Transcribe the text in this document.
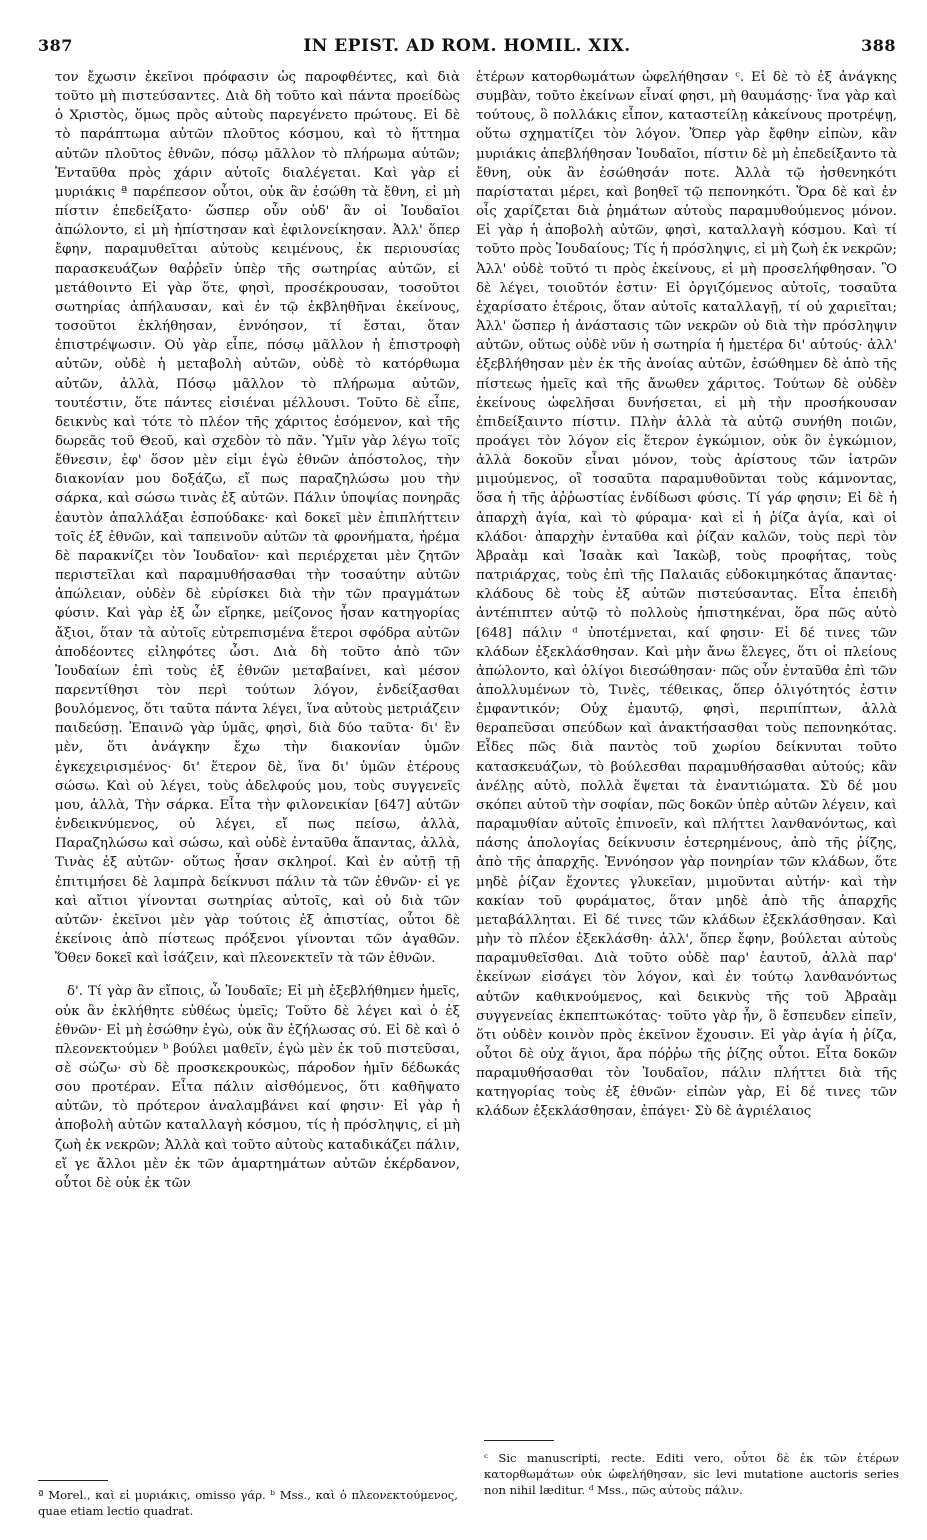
387	IN EPIST. AD ROM. HOMIL. XIX.	388

τον ἔχωσιν ἐκεῖνοι πρόφασιν ὡς παροφθέντες, καὶ διὰ τοῦτο μὴ πιστεύσαντες. Διὰ δὴ τοῦτο καὶ πάντα προείδὼς ὁ Χριστὸς, ὅμως πρὸς αὐτοὺς παρεγένετο πρώτους. Εἰ δὲ τὸ παράπτωμα αὐτῶν πλοῦτος κόσμου, καὶ τὸ ἥττημα αὐτῶν πλοῦτος ἐθνῶν, πόσῳ μᾶλλον τὸ πλήρωμα αὐτῶν; Ἐνταῦθα πρὸς χάριν αὐτοῖς διαλέγεται. Καὶ γὰρ εἰ μυριάκις ª παρέπεσον οὗτοι, οὐκ ἂν ἐσώθη τὰ ἔθνη, εἰ μὴ πίστιν ἐπεδείξατο· ὥσπερ οὖν οὐδ' ἂν οἱ Ἰουδαῖοι ἀπώλοντο, εἰ μὴ ἠπίστησαν καὶ ἐφιλονείκησαν. Ἀλλ' ὅπερ ἔφην, παραμυθεῖται αὐτοὺς κειμένους, ἐκ περιουσίας παρασκευάζων θαῤῥεῖν ὑπὲρ τῆς σωτηρίας αὐτῶν, εἰ μετάθοιντο Εἰ γὰρ ὅτε, φησὶ, προσέκρουσαν, τοσοῦτοι σωτηρίας ἀπήλαυσαν, καὶ ἐν τῷ ἐκβληθῆναι ἐκείνους, τοσοῦτοι ἐκλήθησαν, ἐννόησον, τί ἔσται, ὅταν ἐπιστρέψωσιν. Οὐ γὰρ εἶπε, πόσῳ μᾶλλον ἡ ἐπιστροφὴ αὐτῶν, οὐδὲ ἡ μεταβολὴ αὐτῶν, οὐδὲ τὸ κατόρθωμα αὐτῶν, ἀλλὰ, Πόσῳ μᾶλλον τὸ πλήρωμα αὐτῶν, τουτέστιν, ὅτε πάντες εἰσιέναι μέλλουσι. Τοῦτο δὲ εἶπε, δεικνὺς καὶ τότε τὸ πλέον τῆς χάριτος ἐσόμενον, καὶ τῆς δωρεᾶς τοῦ Θεοῦ, καὶ σχεδὸν τὸ πᾶν. Ὑμῖν γὰρ λέγω τοῖς ἔθνεσιν, ἐφ' ὅσον μὲν εἰμι ἐγὼ ἐθνῶν ἀπόστολος, τὴν διακονίαν μου δοξάζω, εἴ πως παραζηλώσω μου τὴν σάρκα, καὶ σώσω τινὰς ἐξ αὐτῶν. Πάλιν ὑποψίας πονηρᾶς ἑαυτὸν ἀπαλλάξαι ἐσπούδακε· καὶ δοκεῖ μὲν ἐπιπλήττειν τοῖς ἐξ ἐθνῶν, καὶ ταπεινοῦν αὐτῶν τὰ φρονήματα, ἠρέμα δὲ παρακνίζει τὸν Ἰουδαῖον· καὶ περιέρχεται μὲν ζητῶν περιστεῖλαι καὶ παραμυθήσασθαι τὴν τοσαύτην αὐτῶν ἀπώλειαν, οὐδὲν δὲ εὑρίσκει διὰ τὴν τῶν πραγμάτων φύσιν. Καὶ γὰρ ἐξ ὧν εἴρηκε, μείζονος ἦσαν κατηγορίας ἄξιοι, ὅταν τὰ αὐτοῖς εὐτρεπισμένα ἕτεροι σφόδρα αὐτῶν ἀποδέοντες εἰληφότες ὦσι. Διὰ δὴ τοῦτο ἀπὸ τῶν Ἰουδαίων ἐπὶ τοὺς ἐξ ἐθνῶν μεταβαίνει, καὶ μέσον παρεντίθησι τὸν περὶ τούτων λόγον, ἐνδείξασθαι βουλόμενος, ὅτι ταῦτα πάντα λέγει, ἵνα αὐτοὺς μετριάζειν παιδεύσῃ. Ἐπαινῶ γὰρ ὑμᾶς, φησὶ, διὰ δύο ταῦτα· δι' ἓν μὲν, ὅτι ἀνάγκην ἔχω τὴν διακονίαν ὑμῶν ἐγκεχειρισμένος· δι' ἕτερον δὲ, ἵνα δι' ὑμῶν ἑτέρους σώσω. Καὶ οὐ λέγει, τοὺς ἀδελφούς μου, τοὺς συγγενεῖς μου, ἀλλὰ, Τὴν σάρκα. Εἶτα τὴν φιλονεικίαν [647] αὐτῶν ἐνδεικνύμενος, οὐ λέγει, εἴ πως πείσω, ἀλλὰ, Παραζηλώσω καὶ σώσω, καὶ οὐδὲ ἐνταῦθα ἅπαντας, ἀλλὰ, Τινὰς ἐξ αὐτῶν· οὕτως ἦσαν σκληροί. Καὶ ἐν αὐτῇ τῇ ἐπιτιμήσει δὲ λαμπρὰ δείκνυσι πάλιν τὰ τῶν ἐθνῶν· εἰ γε καὶ αἴτιοι γίνονται σωτηρίας αὐτοῖς, καὶ οὐ διὰ τῶν αὐτῶν· ἐκεῖνοι μὲν γὰρ τούτοις ἐξ ἀπιστίας, οὗτοι δὲ ἐκείνοις ἀπὸ πίστεως πρόξενοι γίνονται τῶν ἀγαθῶν. Ὅθεν δοκεῖ καὶ ἰσάζειν, καὶ πλεονεκτεῖν τὰ τῶν ἐθνῶν.

δ'. Τί γὰρ ἂν εἴποις, ὦ Ἰουδαῖε; Εἰ μὴ ἐξεβλήθημεν ἡμεῖς, οὐκ ἂν ἐκλήθητε εὐθέως ὑμεῖς; Τοῦτο δὲ λέγει καὶ ὁ ἐξ ἐθνῶν· Εἰ μὴ ἐσώθην ἐγὼ, οὐκ ἂν ἐζήλωσας σύ. Εἰ δὲ καὶ ὁ πλεονεκτούμεν ᵇ βούλει μαθεῖν, ἐγὼ μὲν ἐκ τοῦ πιστεῦσαι, σὲ σώζω· σὺ δὲ προσκεκρουκὼς, πάροδον ἡμῖν δέδωκάς σου προτέραν. Εἶτα πάλιν αἰσθόμενος, ὅτι καθῆψατο αὐτῶν, τὸ πρότερον ἀναλαμβάνει καί φησιν· Εἰ γὰρ ἡ ἀποβολὴ αὐτῶν καταλλαγὴ κόσμου, τίς ἡ πρόσληψις, εἰ μὴ ζωὴ ἐκ νεκρῶν; Ἀλλὰ καὶ τοῦτο αὐτοὺς καταδικάζει πάλιν, εἴ γε ἄλλοι μὲν ἐκ τῶν ἁμαρτημάτων αὐτῶν ἐκέρδανον, οὗτοι δὲ οὐκ ἐκ τῶν

ἑτέρων κατορθωμάτων ὠφελήθησαν ᶜ. Εἰ δὲ τὸ ἐξ ἀνάγκης συμβὰν, τοῦτο ἐκείνων εἶναί φησι, μὴ θαυμάσῃς· ἵνα γὰρ καὶ τούτους, ὃ πολλάκις εἶπον, καταστείλῃ κἀκείνους προτρέψῃ, οὕτω σχηματίζει τὸν λόγον. Ὅπερ γὰρ ἔφθην εἰπὼν, κἂν μυριάκις ἀπεβλήθησαν Ἰουδαῖοι, πίστιν δὲ μὴ ἐπεδείξαντο τὰ ἔθνη, οὐκ ἂν ἐσώθησάν ποτε. Ἀλλὰ τῷ ἠσθενηκότι παρίσταται μέρει, καὶ βοηθεῖ τῷ πεπονηκότι. Ὅρα δὲ καὶ ἐν οἷς χαρίζεται διὰ ῥημάτων αὐτοὺς παραμυθούμενος μόνον. Εἰ γὰρ ἡ ἀποβολὴ αὐτῶν, φησὶ, καταλλαγὴ κόσμου. Καὶ τί τοῦτο πρὸς Ἰουδαίους; Τίς ἡ πρόσληψις, εἰ μὴ ζωὴ ἐκ νεκρῶν; Ἀλλ' οὐδὲ τοῦτό τι πρὸς ἐκείνους, εἰ μὴ προσελήφθησαν. Ὃ δὲ λέγει, τοιοῦτόν ἐστιν· Εἰ ὀργιζόμενος αὐτοῖς, τοσαῦτα ἐχαρίσατο ἑτέροις, ὅταν αὐτοῖς καταλλαγῇ, τί οὐ χαριεῖται; Ἀλλ' ὥσπερ ἡ ἀνάστασις τῶν νεκρῶν οὐ διὰ τὴν πρόσληψιν αὐτῶν, οὕτως οὐδὲ νῦν ἡ σωτηρία ἡ ἡμετέρα δι' αὐτούς· ἀλλ' ἐξεβλήθησαν μὲν ἐκ τῆς ἀνοίας αὐτῶν, ἐσώθημεν δὲ ἀπὸ τῆς πίστεως ἡμεῖς καὶ τῆς ἄνωθεν χάριτος. Τούτων δὲ οὐδὲν ἐκείνους ὠφελῆσαι δυνήσεται, εἰ μὴ τὴν προσήκουσαν ἐπιδείξαιντο πίστιν. Πλὴν ἀλλὰ τὰ αὐτῷ συνήθη ποιῶν, προάγει τὸν λόγον εἰς ἕτερον ἐγκώμιον, οὐκ ὂν ἐγκώμιον, ἀλλὰ δοκοῦν εἶναι μόνον, τοὺς ἀρίστους τῶν ἰατρῶν μιμούμενος, οἳ τοσαῦτα παραμυθοῦνται τοὺς κάμνοντας, ὅσα ἡ τῆς ἀῤῥωστίας ἐνδίδωσι φύσις. Τί γάρ φησιν; Εἰ δὲ ἡ ἀπαρχὴ ἁγία, καὶ τὸ φύραμα· καὶ εἰ ἡ ῥίζα ἁγία, καὶ οἱ κλάδοι· ἀπαρχὴν ἐνταῦθα καὶ ῥίζαν καλῶν, τοὺς περὶ τὸν Ἀβραὰμ καὶ Ἰσαὰκ καὶ Ἰακὼβ, τοὺς προφήτας, τοὺς πατριάρχας, τοὺς ἐπὶ τῆς Παλαιᾶς εὐδοκιμηκότας ἅπαντας· κλάδους δὲ τοὺς ἐξ αὐτῶν πιστεύσαντας. Εἶτα ἐπειδὴ ἀντέπιπτεν αὐτῷ τὸ πολλοὺς ἠπιστηκέναι, ὅρα πῶς αὐτὸ [648] πάλιν ᵈ ὑποτέμνεται, καί φησιν· Εἰ δέ τινες τῶν κλάδων ἐξεκλάσθησαν. Καὶ μὴν ἄνω ἔλεγες, ὅτι οἱ πλείους ἀπώλοντο, καὶ ὀλίγοι διεσώθησαν· πῶς οὖν ἐνταῦθα ἐπὶ τῶν ἀπολλυμένων τὸ, Τινὲς, τέθεικας, ὅπερ ὀλιγότητός ἐστιν ἐμφαντικόν; Οὐχ ἐμαυτῷ, φησὶ, περιπίπτων, ἀλλὰ θεραπεῦσαι σπεύδων καὶ ἀνακτήσασθαι τοὺς πεπονηκότας. Εἶδες πῶς διὰ παντὸς τοῦ χωρίου δείκνυται τοῦτο κατασκευάζων, τὸ βούλεσθαι παραμυθήσασθαι αὐτούς; κἂν ἀνέλῃς αὐτὸ, πολλὰ ἕψεται τὰ ἐναντιώματα. Σὺ δέ μου σκόπει αὐτοῦ τὴν σοφίαν, πῶς δοκῶν ὑπὲρ αὐτῶν λέγειν, καὶ παραμυθίαν αὐτοῖς ἐπινοεῖν, καὶ πλήττει λανθανόντως, καὶ πάσης ἀπολογίας δείκνυσιν ἐστερημένους, ἀπὸ τῆς ῥίζης, ἀπὸ τῆς ἀπαρχῆς. Ἐννόησον γὰρ πονηρίαν τῶν κλάδων, ὅτε μηδὲ ῥίζαν ἔχοντες γλυκεῖαν, μιμοῦνται αὐτήν· καὶ τὴν κακίαν τοῦ φυράματος, ὅταν μηδὲ ἀπὸ τῆς ἀπαρχῆς μεταβάλληται. Εἰ δέ τινες τῶν κλάδων ἐξεκλάσθησαν. Καὶ μὴν τὸ πλέον ἐξεκλάσθη· ἀλλ', ὅπερ ἔφην, βούλεται αὐτοὺς παραμυθεῖσθαι. Διὰ τοῦτο οὐδὲ παρ' ἑαυτοῦ, ἀλλὰ παρ' ἐκείνων εἰσάγει τὸν λόγον, καὶ ἐν τούτῳ λανθανόντως αὐτῶν καθικνούμενος, καὶ δεικνὺς τῆς τοῦ Ἀβραὰμ συγγενείας ἐκπεπτωκότας· τοῦτο γὰρ ἦν, ὃ ἔσπευδεν εἰπεῖν, ὅτι οὐδὲν κοινὸν πρὸς ἐκεῖνον ἔχουσιν. Εἰ γὰρ ἁγία ἡ ῥίζα, οὗτοι δὲ οὐχ ἅγιοι, ἄρα πόῤῥω τῆς ῥίζης οὗτοι. Εἶτα δοκῶν παραμυθήσασθαι τὸν Ἰουδαῖον, πάλιν πλήττει διὰ τῆς κατηγορίας τοὺς ἐξ ἐθνῶν· εἰπὼν γὰρ, Εἰ δέ τινες τῶν κλάδων ἐξεκλάσθησαν, ἐπάγει· Σὺ δὲ ἀγριέλαιος

ª Morel., καὶ εἰ μυριάκις, omisso γάρ. ᵇ Mss., καὶ ὁ πλεονεκτούμενος, quae etiam lectio quadrat.
ᶜ Sic manuscripti, recte. Editi vero, οὗτοι δὲ ἐκ τῶν ἑτέρων κατορθωμάτων οὐκ ὠφελήθησαν, sic levi mutatione auctoris series non nihil læditur. ᵈ Mss., πῶς αὐτοὺς πάλιν.
